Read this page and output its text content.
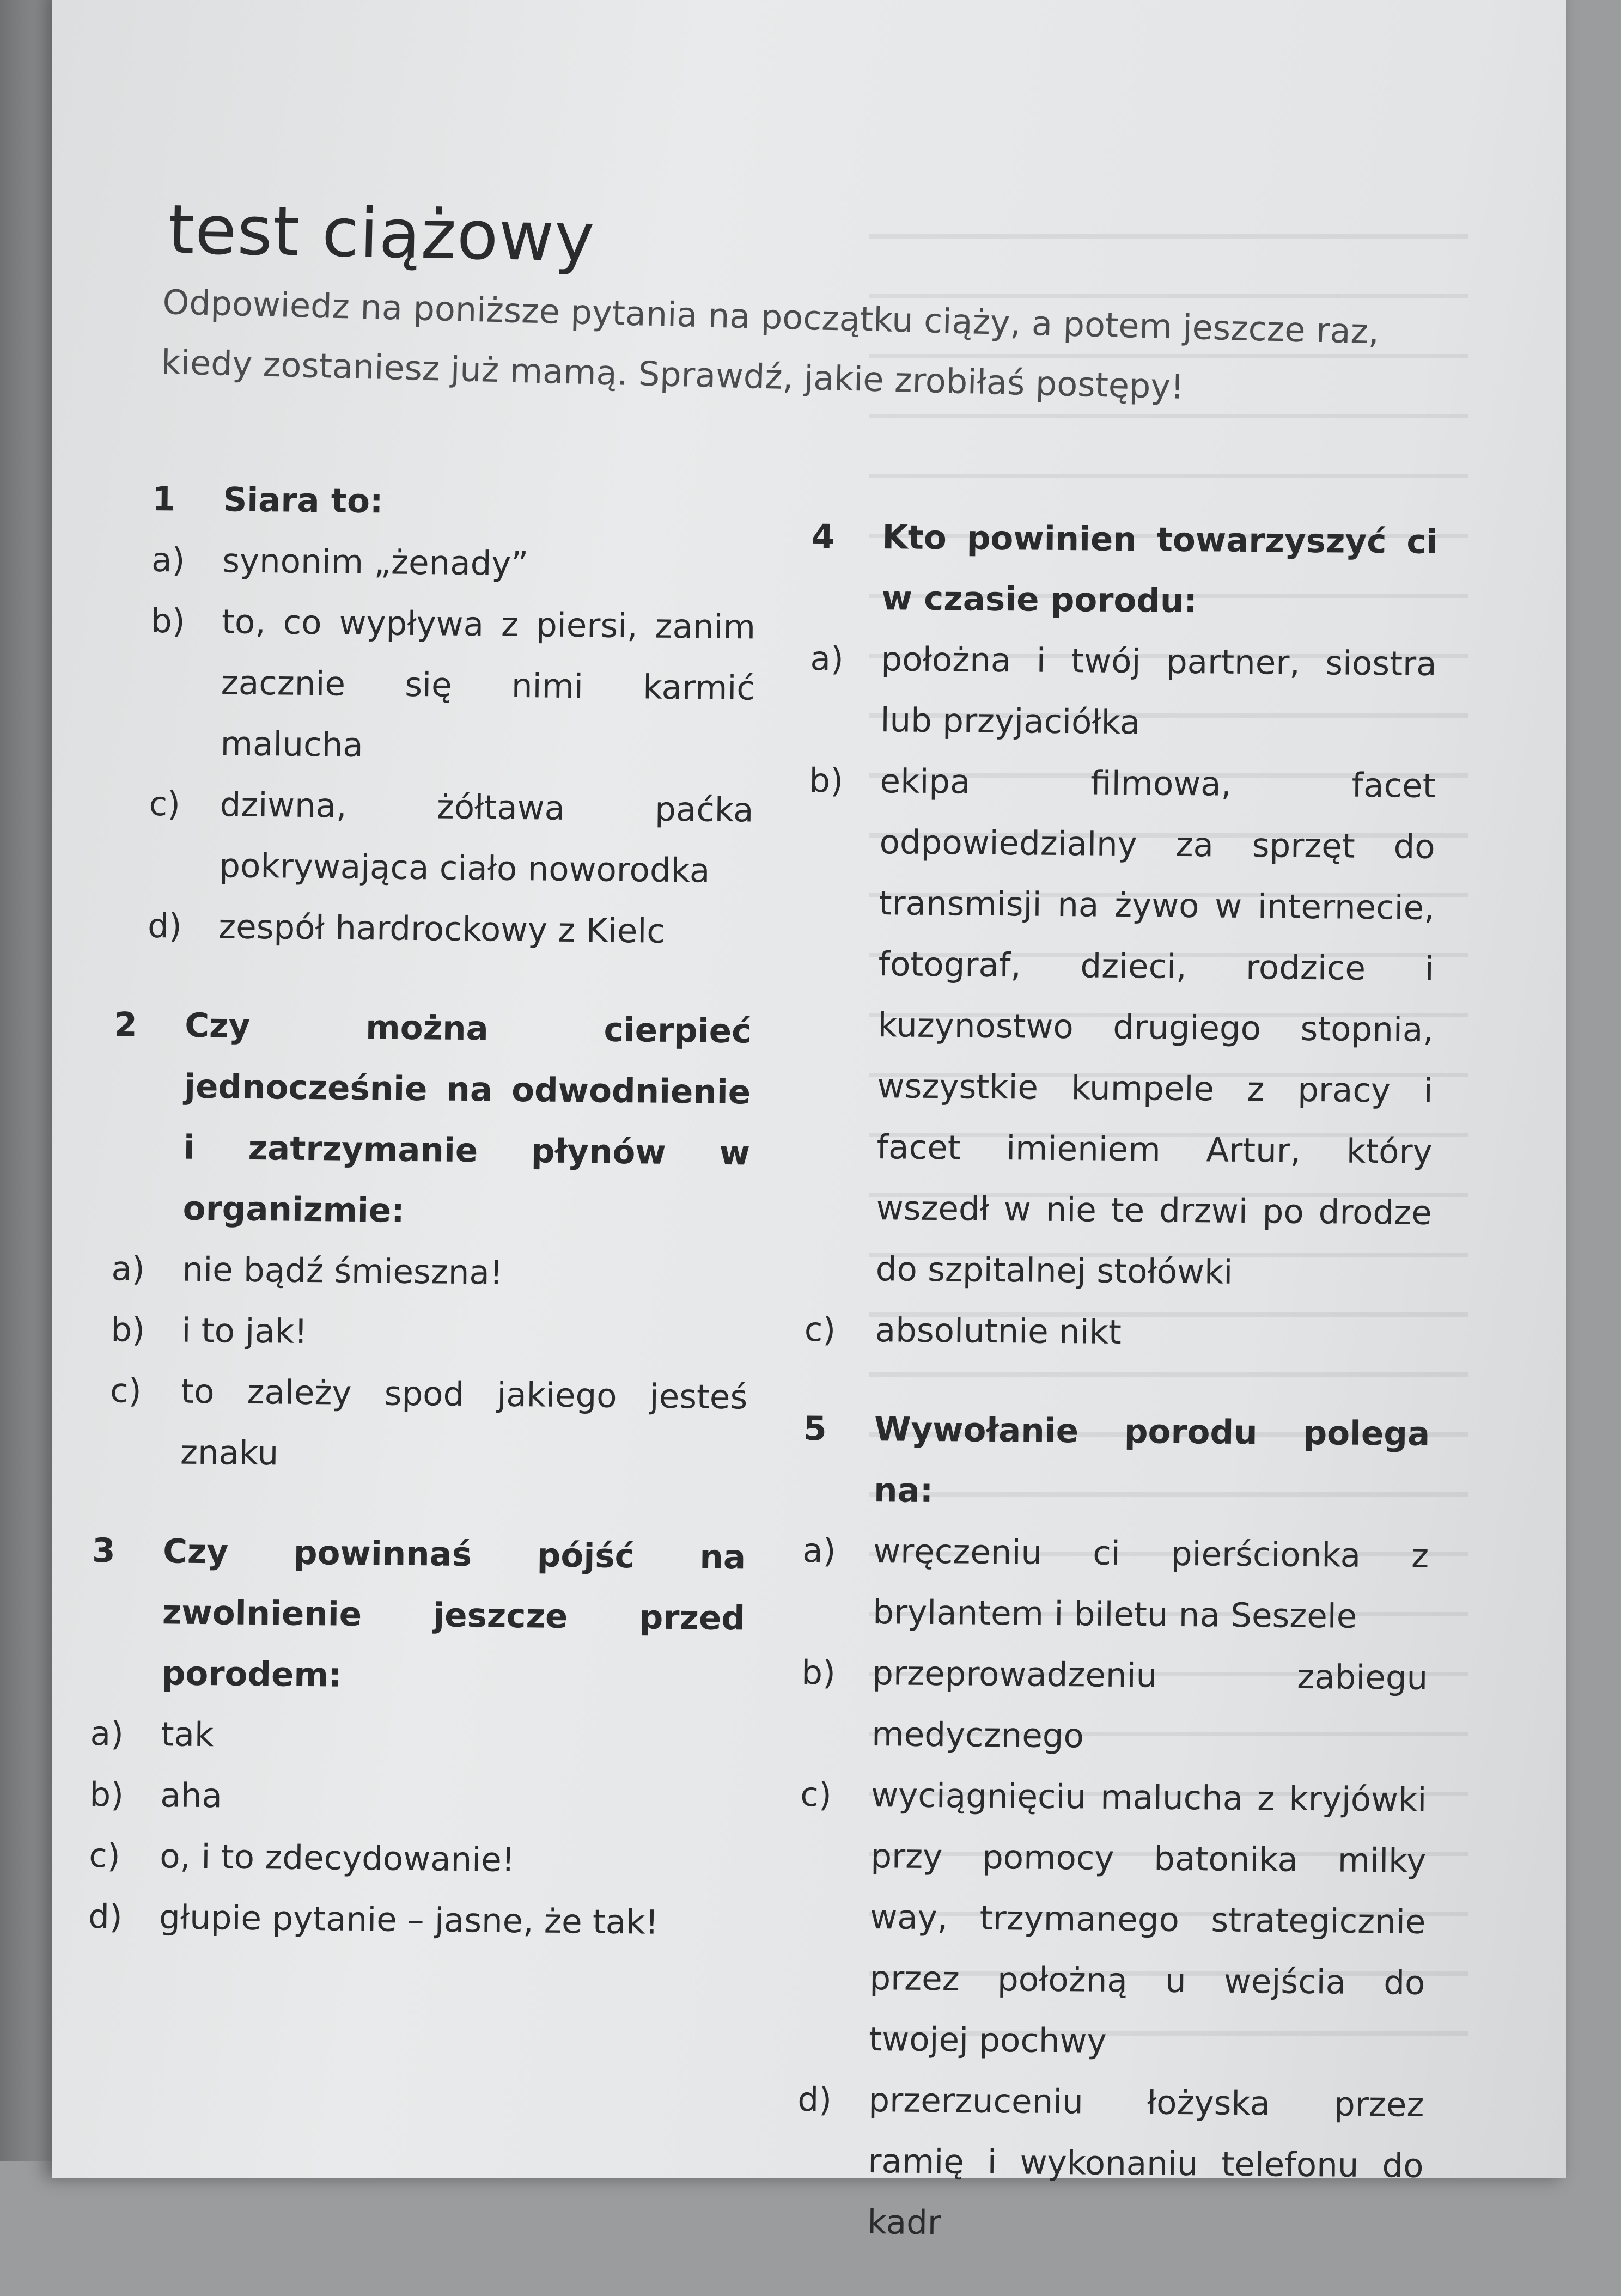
test ciążowy

Odpowiedz na poniższe pytania na początku ciąży, a potem jeszcze raz, kiedy zostaniesz już mamą. Sprawdź, jakie zrobiłaś postępy!

1	Siara to:
a)	synonim „żenady”
b)	to, co wypływa z piersi, zanim zacznie się nimi karmić malucha
c)	dziwna, żółtawa paćka pokrywająca ciało noworodka
d)	zespół hardrockowy z Kielc
2	Czy można cierpieć jednocześnie na odwodnienie i zatrzymanie płynów w organizmie:
a)	nie bądź śmieszna!
b)	i to jak!
c)	to zależy spod jakiego jesteś znaku
3	Czy powinnaś pójść na zwolnienie jeszcze przed porodem:
a)	tak
b)	aha
c)	o, i to zdecydowanie!
d)	głupie pytanie – jasne, że tak!
4	Kto powinien towarzyszyć ci w czasie porodu:
a)	położna i twój partner, siostra lub przyjaciółka
b)	ekipa filmowa, facet odpowiedzialny za sprzęt do transmisji na żywo w internecie, fotograf, dzieci, rodzice i kuzynostwo drugiego stopnia, wszystkie kumpele z pracy i facet imieniem Artur, który wszedł w nie te drzwi po drodze do szpitalnej stołówki
c)	absolutnie nikt
5	Wywołanie porodu polega na:
a)	wręczeniu ci pierścionka z brylantem i biletu na Seszele
b)	przeprowadzeniu zabiegu medycznego
c)	wyciągnięciu malucha z kryjówki przy pomocy batonika milky way, trzymanego strategicznie przez położną u wejścia do twojej pochwy
d)	przerzuceniu łożyska przez ramię i wykonaniu telefonu do kadr
